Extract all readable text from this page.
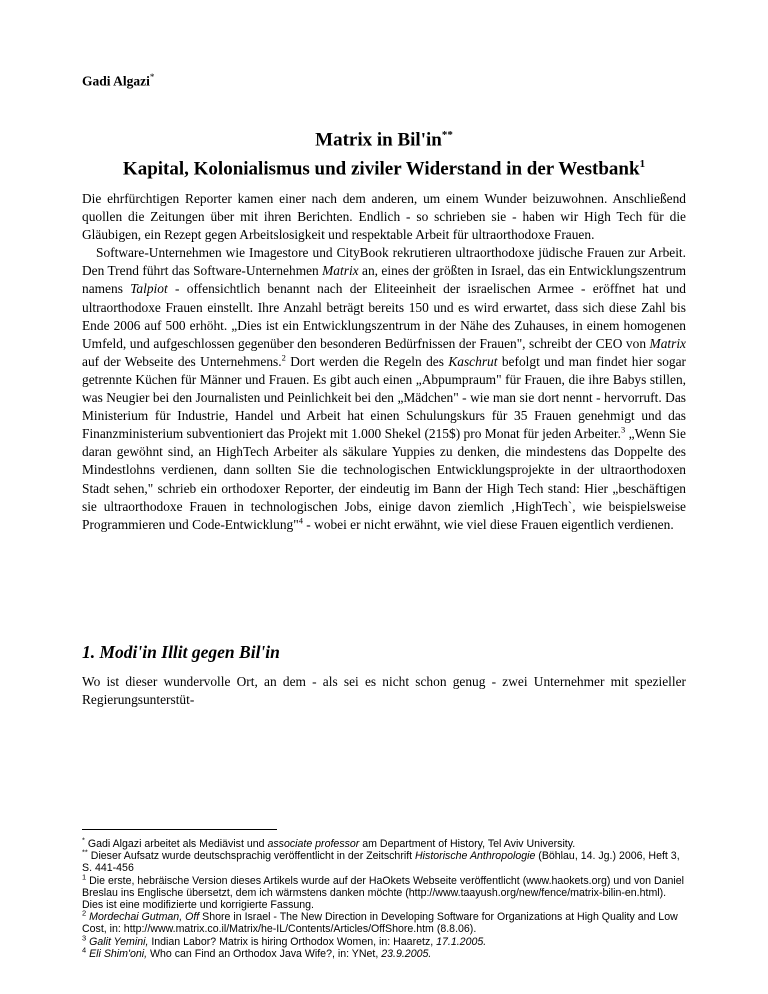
Gadi Algazi*
Matrix in Bil'in**
Kapital, Kolonialismus und ziviler Widerstand in der Westbank$^1$

Die ehrfürchtigen Reporter kamen einer nach dem anderen, um einem Wunder beizuwohnen. Anschließend quollen die Zeitungen über mit ihren Berichten. Endlich - so schrieben sie - haben wir High Tech für die Gläubigen, ein Rezept gegen Arbeitslosigkeit und respektable Arbeit für ultraorthodoxe Frauen.

Software-Unternehmen wie Imagestore und CityBook rekrutieren ultraorthodoxe jüdische Frauen zur Arbeit. Den Trend führt das Software-Unternehmen Matrix an, eines der größten in Israel, das ein Entwicklungszentrum namens Talpiot - offensichtlich benannt nach der Eliteeinheit der israelischen Armee - eröffnet hat und ultraorthodoxe Frauen einstellt. Ihre Anzahl beträgt bereits 150 und es wird erwartet, dass sich diese Zahl bis Ende 2006 auf 500 erhöht. „Dies ist ein Entwicklungszentrum in der Nähe des Zuhauses, in einem homogenen Umfeld, und aufgeschlossen gegenüber den besonderen Bedürfnissen der Frauen", schreibt der CEO von Matrix auf der Webseite des Unternehmens.$^2$ Dort werden die Regeln des Kaschrut befolgt und man findet hier sogar getrennte Küchen für Männer und Frauen. Es gibt auch einen „Abpumpraum" für Frauen, die ihre Babys stillen, was Neugier bei den Journalisten und Peinlichkeit bei den „Mädchen" - wie man sie dort nennt - hervorruft. Das Ministerium für Industrie, Handel und Arbeit hat einen Schulungskurs für 35 Frauen genehmigt und das Finanzministerium subventioniert das Projekt mit 1.000 Shekel (215$) pro Monat für jeden Arbeiter.$^3$ „Wenn Sie daran gewöhnt sind, an HighTech Arbeiter als säkulare Yuppies zu denken, die mindestens das Doppelte des Mindestlohns verdienen, dann sollten Sie die technologischen Entwicklungsprojekte in der ultraorthodoxen Stadt sehen," schrieb ein orthodoxer Reporter, der eindeutig im Bann der High Tech stand: Hier „beschäftigen sie ultraorthodoxe Frauen in technologischen Jobs, einige davon ziemlich ‚HighTech`, wie beispielsweise Programmieren und Code-Entwicklung"$^4$ - wobei er nicht erwähnt, wie viel diese Frauen eigentlich verdienen.

1. Modi'in Illit gegen Bil'in

Wo ist dieser wundervolle Ort, an dem - als sei es nicht schon genug - zwei Unternehmer mit spezieller Regierungsunterstüt-

* Gadi Algazi arbeitet als Mediävist und associate professor am Department of History, Tel Aviv University.
** Dieser Aufsatz wurde deutschsprachig veröffentlicht in der Zeitschrift Historische Anthropologie (Böhlau, 14. Jg.) 2006, Heft 3, S. 441-456
$^1$ Die erste, hebräische Version dieses Artikels wurde auf der HaOkets Webseite veröffentlicht (www.haokets.org) und von Daniel Breslau ins Englische übersetzt, dem ich wärmstens danken möchte (http://www.taayush.org/new/fence/matrix-bilin-en.html). Dies ist eine modifizierte und korrigierte Fassung.
$^2$ Mordechai Gutman, Off Shore in Israel - The New Direction in Developing Software for Organizations at High Quality and Low Cost, in: http://www.matrix.co.il/Matrix/he-IL/Contents/Articles/OffShore.htm (8.8.06).
$^3$ Galit Yemini, Indian Labor? Matrix is hiring Orthodox Women, in: Haaretz, 17.1.2005.
$^4$ Eli Shim'oni, Who can Find an Orthodox Java Wife?, in: YNet, 23.9.2005.
